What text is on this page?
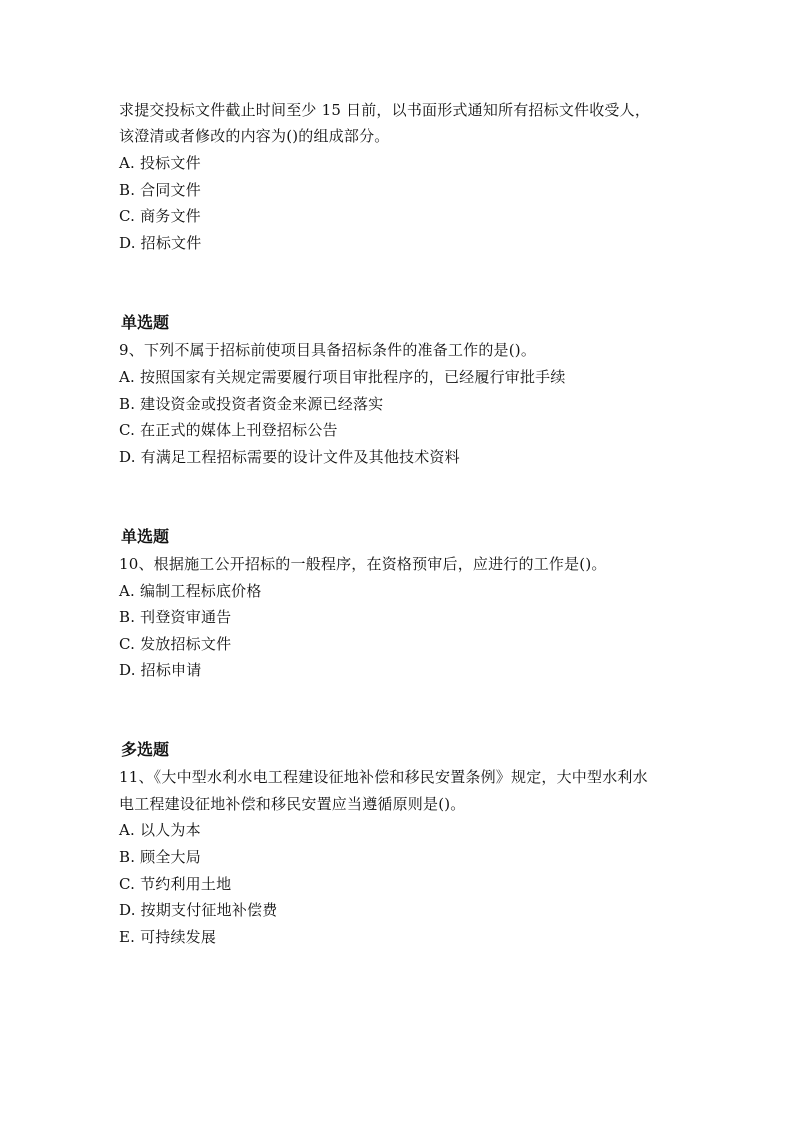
求提交投标文件截止时间至少 15 日前，以书面形式通知所有招标文件收受人，
该澄清或者修改的内容为()的组成部分。
A. 投标文件
B. 合同文件
C. 商务文件
D. 招标文件
单选题
9、下列不属于招标前使项目具备招标条件的准备工作的是()。
A. 按照国家有关规定需要履行项目审批程序的，已经履行审批手续
B. 建设资金或投资者资金来源已经落实
C. 在正式的媒体上刊登招标公告
D. 有满足工程招标需要的设计文件及其他技术资料
单选题
10、根据施工公开招标的一般程序，在资格预审后，应进行的工作是()。
A. 编制工程标底价格
B. 刊登资审通告
C. 发放招标文件
D. 招标申请
多选题
11、《大中型水利水电工程建设征地补偿和移民安置条例》规定，大中型水利水
电工程建设征地补偿和移民安置应当遵循原则是()。
A. 以人为本
B. 顾全大局
C. 节约利用土地
D. 按期支付征地补偿费
E. 可持续发展
